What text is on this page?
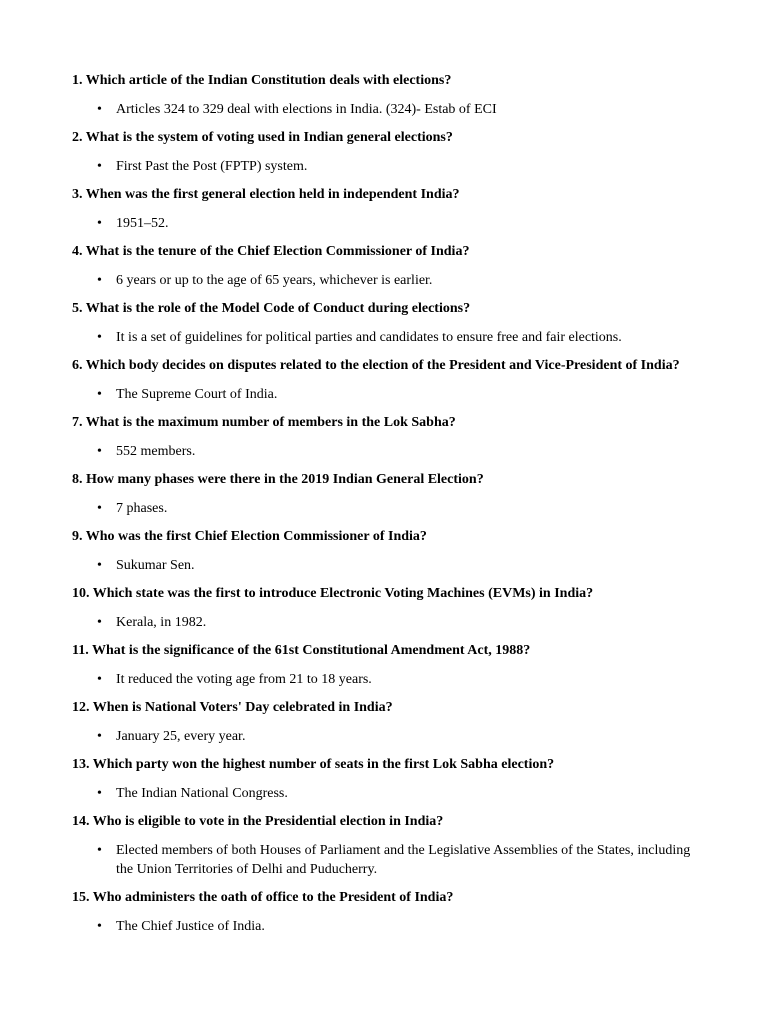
1. Which article of the Indian Constitution deals with elections?

• Articles 324 to 329 deal with elections in India. (324)- Estab of ECI

2. What is the system of voting used in Indian general elections?

• First Past the Post (FPTP) system.

3. When was the first general election held in independent India?

• 1951–52.

4. What is the tenure of the Chief Election Commissioner of India?

• 6 years or up to the age of 65 years, whichever is earlier.

5. What is the role of the Model Code of Conduct during elections?

• It is a set of guidelines for political parties and candidates to ensure free and fair elections.

6. Which body decides on disputes related to the election of the President and Vice-President of India?

• The Supreme Court of India.

7. What is the maximum number of members in the Lok Sabha?

• 552 members.

8. How many phases were there in the 2019 Indian General Election?

• 7 phases.

9. Who was the first Chief Election Commissioner of India?

• Sukumar Sen.

10. Which state was the first to introduce Electronic Voting Machines (EVMs) in India?

• Kerala, in 1982.

11. What is the significance of the 61st Constitutional Amendment Act, 1988?

• It reduced the voting age from 21 to 18 years.

12. When is National Voters' Day celebrated in India?

• January 25, every year.

13. Which party won the highest number of seats in the first Lok Sabha election?

• The Indian National Congress.

14. Who is eligible to vote in the Presidential election in India?

• Elected members of both Houses of Parliament and the Legislative Assemblies of the States, including the Union Territories of Delhi and Puducherry.

15. Who administers the oath of office to the President of India?

• The Chief Justice of India.
